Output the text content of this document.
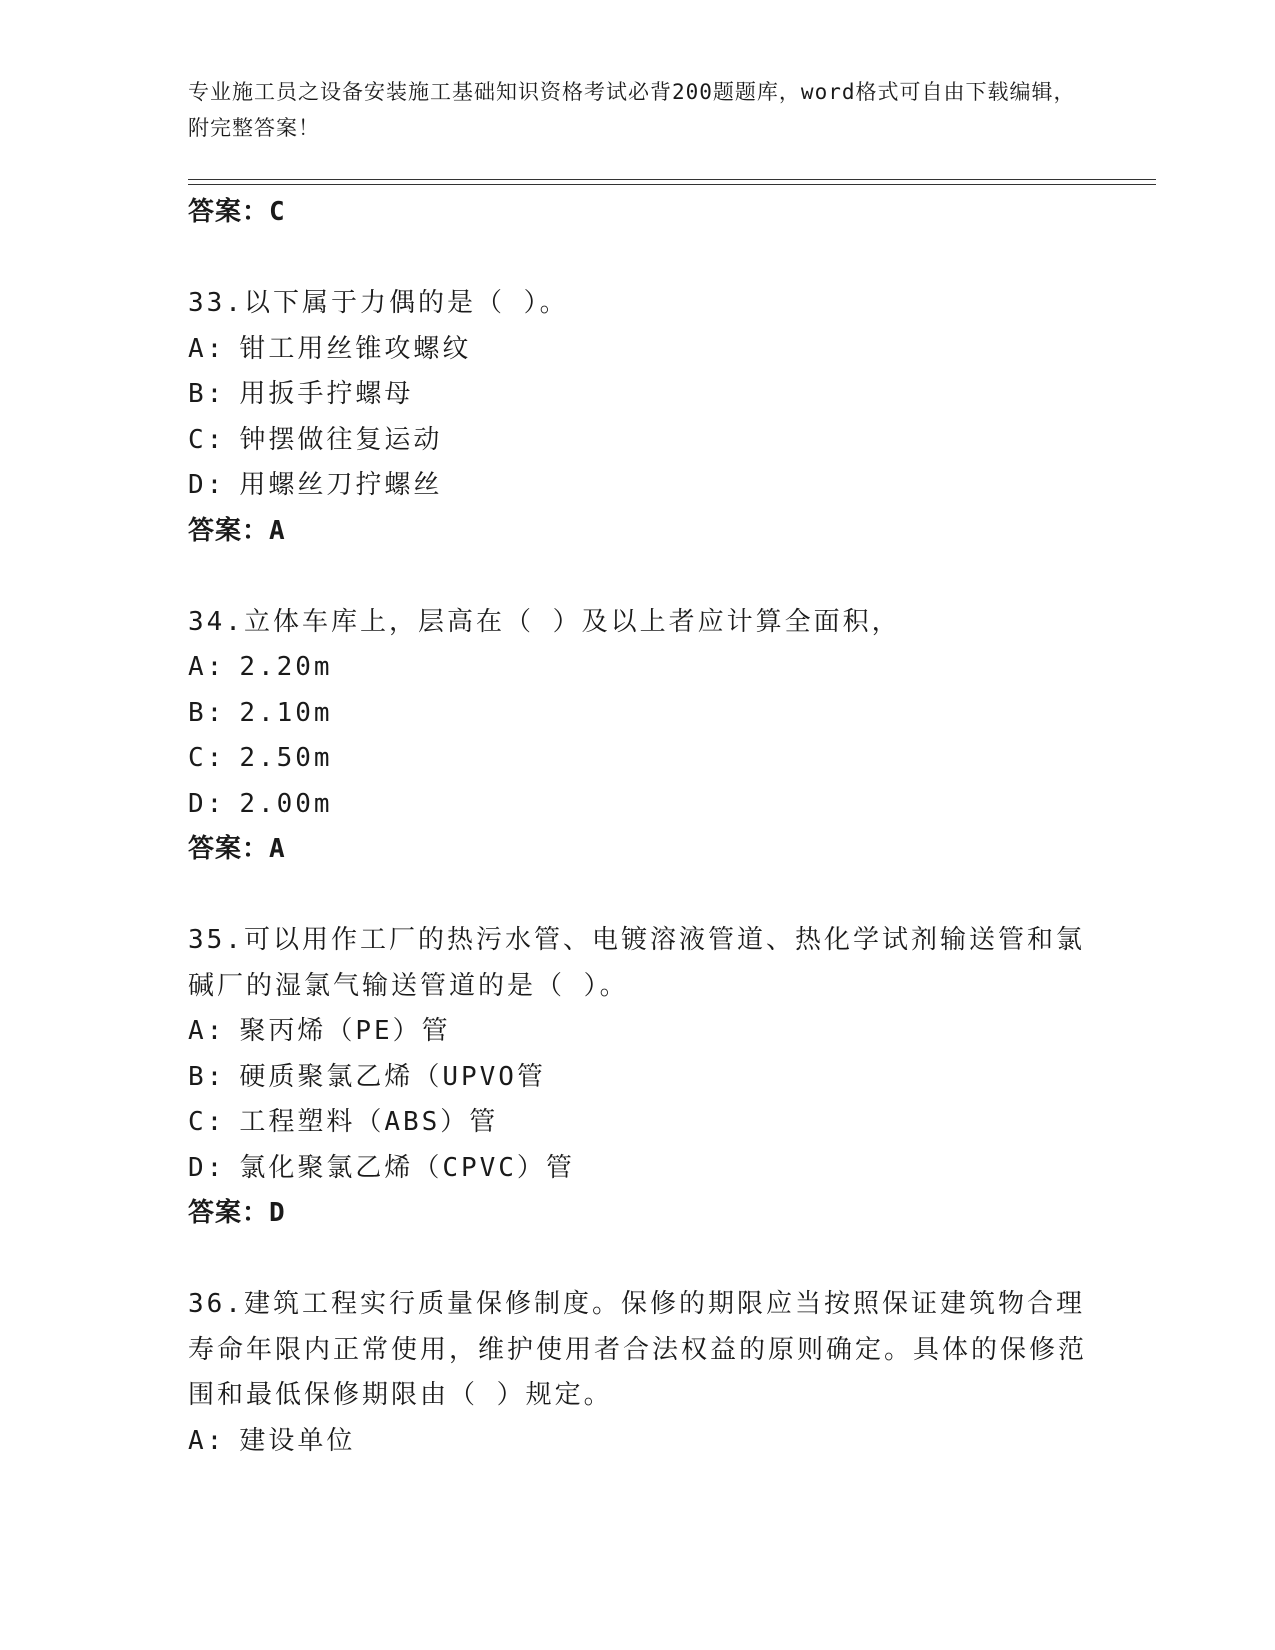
专业施工员之设备安装施工基础知识资格考试必背200题题库，word格式可自由下载编辑，附完整答案！
答案：C
33.以下属于力偶的是（ ）。
A: 钳工用丝锥攻螺纹
B: 用扳手拧螺母
C: 钟摆做往复运动
D: 用螺丝刀拧螺丝
答案：A
34.立体车库上，层高在（ ）及以上者应计算全面积，
A: 2.20m
B: 2.10m
C: 2.50m
D: 2.00m
答案：A
35.可以用作工厂的热污水管、电镀溶液管道、热化学试剂输送管和氯碱厂的湿氯气输送管道的是（ ）。
A: 聚丙烯（PE）管
B: 硬质聚氯乙烯（UPVO管
C: 工程塑料（ABS）管
D: 氯化聚氯乙烯（CPVC）管
答案：D
36.建筑工程实行质量保修制度。保修的期限应当按照保证建筑物合理寿命年限内正常使用，维护使用者合法权益的原则确定。具体的保修范围和最低保修期限由（ ）规定。
A: 建设单位
